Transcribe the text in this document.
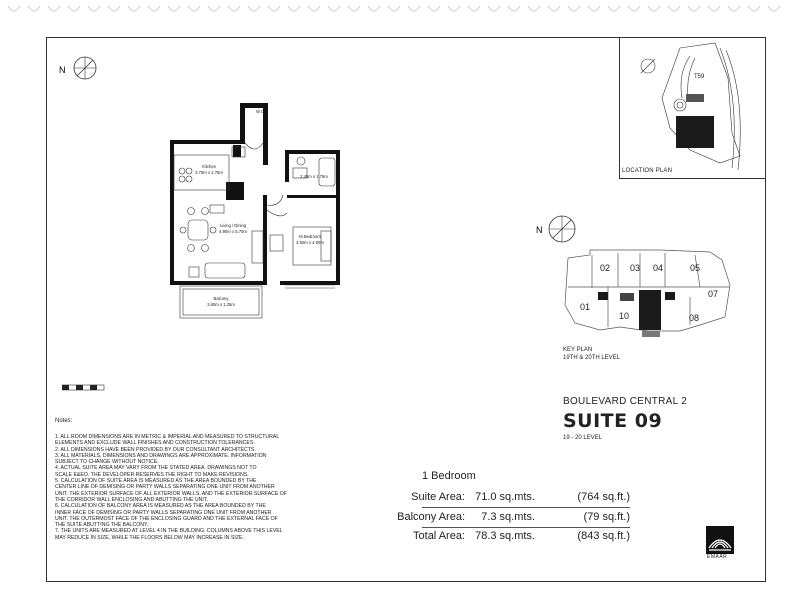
T59
LOCATION PLAN
N
W.C
Kitchen
3.75m x 2.75m
2.45m x 1.75m
Living / Dining
4.90m x 5.70m
M.Bedroom
3.50m x 4.00m
Balcony
3.65m x 1.25m
N
02 03 04	05
01
07
10	08
KEY PLAN
19TH & 20TH LEVEL
Notes:
1. ALL ROOM DIMENSIONS ARE IN METRIC & IMPERIAL AND MEASURED TO STRUCTURAL
ELEMENTS AND EXCLUDE WALL FINISHES AND CONSTRUCTION TOLERANCES.
2. ALL DIMENSIONS HAVE BEEN PROVIDED BY OUR CONSULTANT ARCHITECTS.
3. ALL MATERIALS, DIMENSIONS AND DRAWINGS ARE APPROXIMATE. INFORMATION
SUBJECT TO CHANGE WITHOUT NOTICE.
4. ACTUAL SUITE AREA MAY VARY FROM THE STATED AREA. DRAWINGS NOT TO
SCALE E&EO. THE DEVELOPER RESERVES THE RIGHT TO MAKE REVISIONS.
5. CALCULATION OF SUITE AREA IS MEASURED AS THE AREA BOUNDED BY THE
CENTER LINE OF DEMISING OR PARTY WALLS SEPARATING ONE UNIT FROM ANOTHER
UNIT. THE EXTERIOR SURFACE OF ALL EXTERIOR WALLS, AND THE EXTERIOR SURFACE OF
THE CORRIDOR WALL ENCLOSING AND ABUTTING THE UNIT.
6. CALCULATION OF BALCONY AREA IS MEASURED AS THE AREA BOUNDED BY THE
INNER FACE OF DEMISING OR PARTY WALLS SEPARATING ONE UNIT FROM ANOTHER
UNIT. THE OUTERMOST FACE OF THE ENCLOSING GUARD AND THE EXTERNAL FACE OF
THE SUITE ABUTTING THE BALCONY.
7. THE UNITS ARE MEASURED AT LEVEL 4 IN THE BUILDING. COLUMNS ABOVE THIS LEVEL
MAY REDUCE IN SIZE, WHILE THE FLOORS BELOW MAY INCREASE IN SIZE.
BOULEVARD CENTRAL 2
SUITE 09
19 - 20 LEVEL
1 Bedroom
Suite Area: 71.0 sq.mts.	(764 sq.ft.)
Balcony Area: 7.3 sq.mts.	(79 sq.ft.)
Total Area: 78.3 sq.mts.	(843 sq.ft.)
EMAAR
